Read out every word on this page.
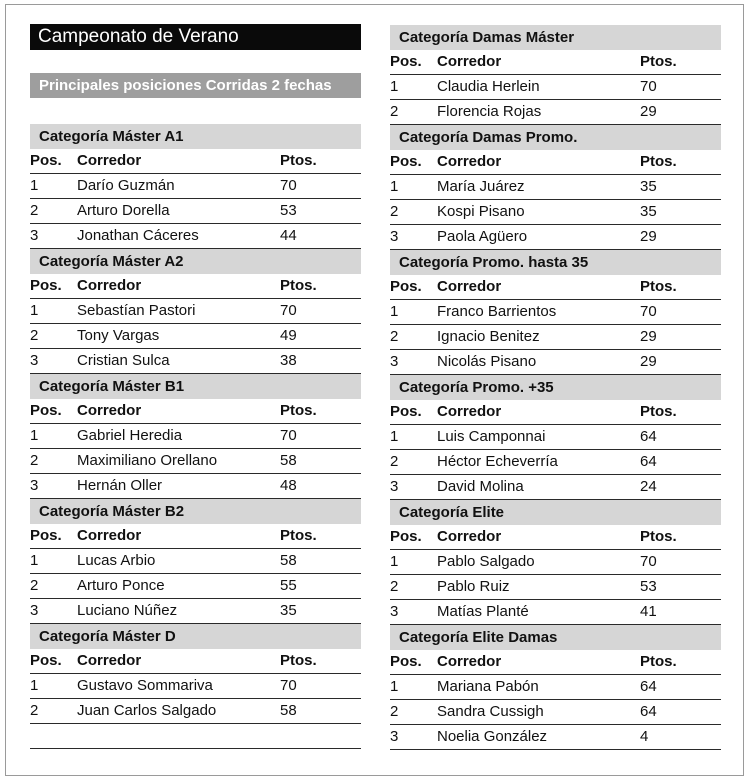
Campeonato de Verano
Principales posiciones Corridas 2 fechas
Categoría Máster A1
Pos. Corredor	Ptos.
1	Darío Guzmán	70
2	Arturo Dorella	53
3	Jonathan Cáceres	44
Categoría Máster A2
Pos. Corredor	Ptos.
1	Sebastían Pastori	70
2	Tony Vargas	49
3	Cristian Sulca	38
Categoría Máster B1
Pos. Corredor	Ptos.
1	Gabriel Heredia	70
2	Maximiliano Orellano	58
3	Hernán Oller	48
Categoría Máster B2
Pos. Corredor	Ptos.
1	Lucas Arbio	58
2	Arturo Ponce	55
3	Luciano Núñez	35
Categoría Máster D
Pos. Corredor	Ptos.
1	Gustavo Sommariva	70
2	Juan Carlos Salgado	58
Categoría Damas Máster
Pos. Corredor	Ptos.
1	Claudia Herlein	70
2	Florencia Rojas	29
Categoría Damas Promo.
Pos. Corredor	Ptos.
1	María Juárez	35
2	Kospi Pisano	35
3	Paola Agüero	29
Categoría Promo. hasta 35
Pos. Corredor	Ptos.
1	Franco Barrientos	70
2	Ignacio Benitez	29
3	Nicolás Pisano	29
Categoría Promo. +35
Pos. Corredor	Ptos.
1	Luis Camponnai	64
2	Héctor Echeverría	64
3	David Molina	24
Categoría Elite
Pos. Corredor	Ptos.
1	Pablo Salgado	70
2	Pablo Ruiz	53
3	Matías Planté	41
Categoría Elite Damas
Pos. Corredor	Ptos.
1	Mariana Pabón	64
2	Sandra Cussigh	64
3	Noelia González	4
